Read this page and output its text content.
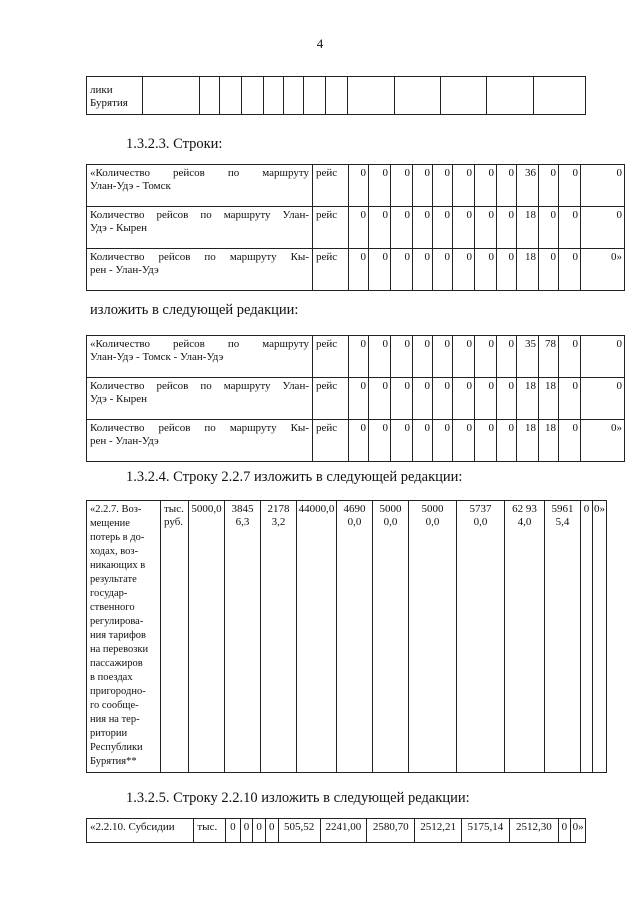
4
лики
Бурятия													
1.3.2.3. Строки:
«Количество рейсов по маршруту
Улан-Удэ - Томск	рейс	0	0	0	0	0	0	0	0	36	0	0	0

Количество рейсов по маршруту Улан-
Удэ - Кырен	рейс	0	0	0	0	0	0	0	0	18	0	0	0

Количество рейсов по маршруту Кы-
рен - Улан-Удэ	рейс	0	0	0	0	0	0	0	0	18	0	0	0»
изложить в следующей редакции:
«Количество рейсов по маршруту
Улан-Удэ - Томск - Улан-Удэ	рейс	0	0	0	0	0	0	0	0	35	78	0	0

Количество рейсов по маршруту Улан-
Удэ - Кырен	рейс	0	0	0	0	0	0	0	0	18	18	0	0

Количество рейсов по маршруту Кы-
рен - Улан-Удэ	рейс	0	0	0	0	0	0	0	0	18	18	0	0»
1.3.2.4. Строку 2.2.7 изложить в следующей редакции:
«2.2.7. Воз-
мещение
потерь в до-
ходах, воз-
никающих в
результате
государ-
ственного
регулирова-
ния тарифов
на перевозки
пассажиров
в поездах
пригородно-
го сообще-
ния на тер-
ритории
Республики
Бурятия**	тыс.
руб.	5000,0	3845
6,3	2178
3,2	44000,0	4690
0,0	5000
0,0	5000
0,0	5737
0,0	62 93
4,0	5961
5,4	0	0»
1.3.2.5. Строку 2.2.10 изложить в следующей редакции:
«2.2.10. Субсидии	тыс.	0	0	0	0	505,52	2241,00	2580,70	2512,21	5175,14	2512,30	0	0»
